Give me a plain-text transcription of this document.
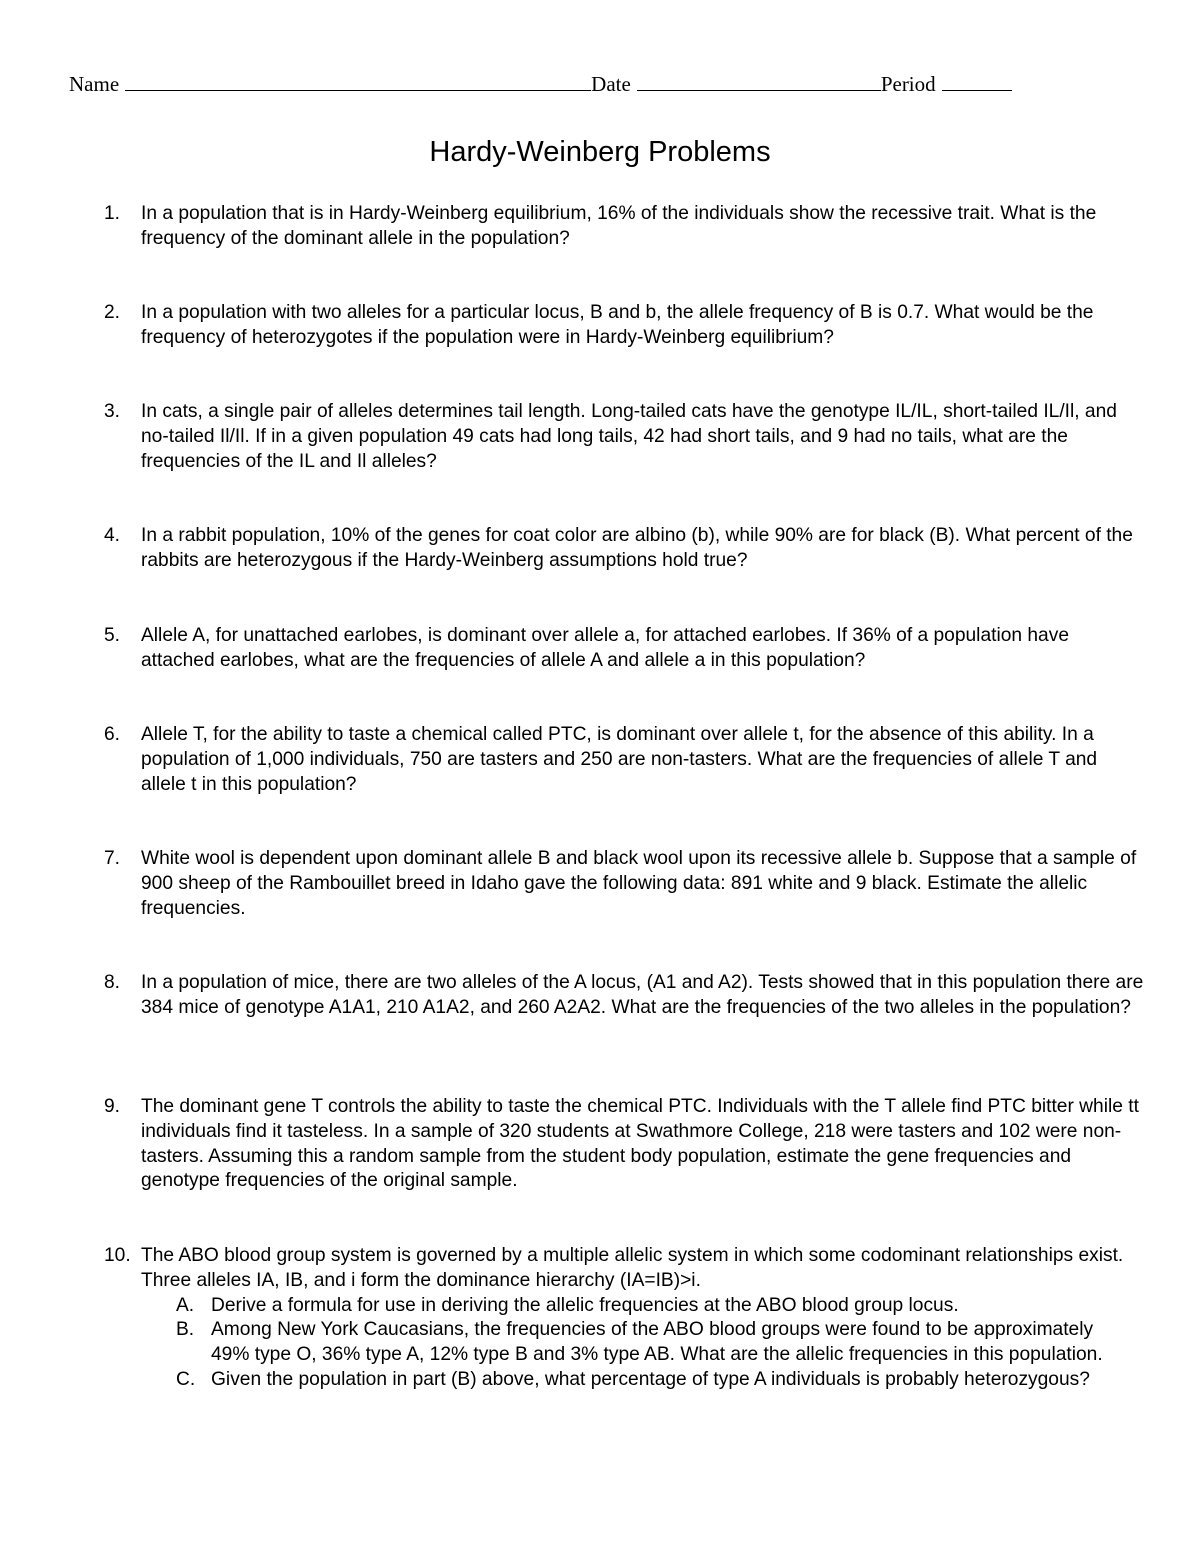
Name	Date	Period
Hardy-Weinberg Problems
1.	In a population that is in Hardy-Weinberg equilibrium, 16% of the individuals show the recessive trait. What is the frequency of the dominant allele in the population?
2.	In a population with two alleles for a particular locus, B and b, the allele frequency of B is 0.7. What would be the frequency of heterozygotes if the population were in Hardy-Weinberg equilibrium?
3.	In cats, a single pair of alleles determines tail length. Long-tailed cats have the genotype IL/IL, short-tailed IL/Il, and no-tailed Il/Il. If in a given population 49 cats had long tails, 42 had short tails, and 9 had no tails, what are the frequencies of the IL and Il alleles?
4.	In a rabbit population, 10% of the genes for coat color are albino (b), while 90% are for black (B). What percent of the rabbits are heterozygous if the Hardy-Weinberg assumptions hold true?
5.	Allele A, for unattached earlobes, is dominant over allele a, for attached earlobes. If 36% of a population have attached earlobes, what are the frequencies of allele A and allele a in this population?
6.	Allele T, for the ability to taste a chemical called PTC, is dominant over allele t, for the absence of this ability. In a population of 1,000 individuals, 750 are tasters and 250 are non-tasters. What are the frequencies of allele T and allele t in this population?
7.	White wool is dependent upon dominant allele B and black wool upon its recessive allele b. Suppose that a sample of 900 sheep of the Rambouillet breed in Idaho gave the following data: 891 white and 9 black. Estimate the allelic frequencies.
8.	In a population of mice, there are two alleles of the A locus, (A1 and A2). Tests showed that in this population there are 384 mice of genotype A1A1, 210 A1A2, and 260 A2A2. What are the frequencies of the two alleles in the population?
9.	The dominant gene T controls the ability to taste the chemical PTC. Individuals with the T allele find PTC bitter while tt individuals find it tasteless. In a sample of 320 students at Swathmore College, 218 were tasters and 102 were non-tasters. Assuming this a random sample from the student body population, estimate the gene frequencies and genotype frequencies of the original sample.
10. The ABO blood group system is governed by a multiple allelic system in which some codominant relationships exist. Three alleles IA, IB, and i form the dominance hierarchy (IA=IB)>i.
A. Derive a formula for use in deriving the allelic frequencies at the ABO blood group locus.
B. Among New York Caucasians, the frequencies of the ABO blood groups were found to be approximately 49% type O, 36% type A, 12% type B and 3% type AB. What are the allelic frequencies in this population.
C. Given the population in part (B) above, what percentage of type A individuals is probably heterozygous?
